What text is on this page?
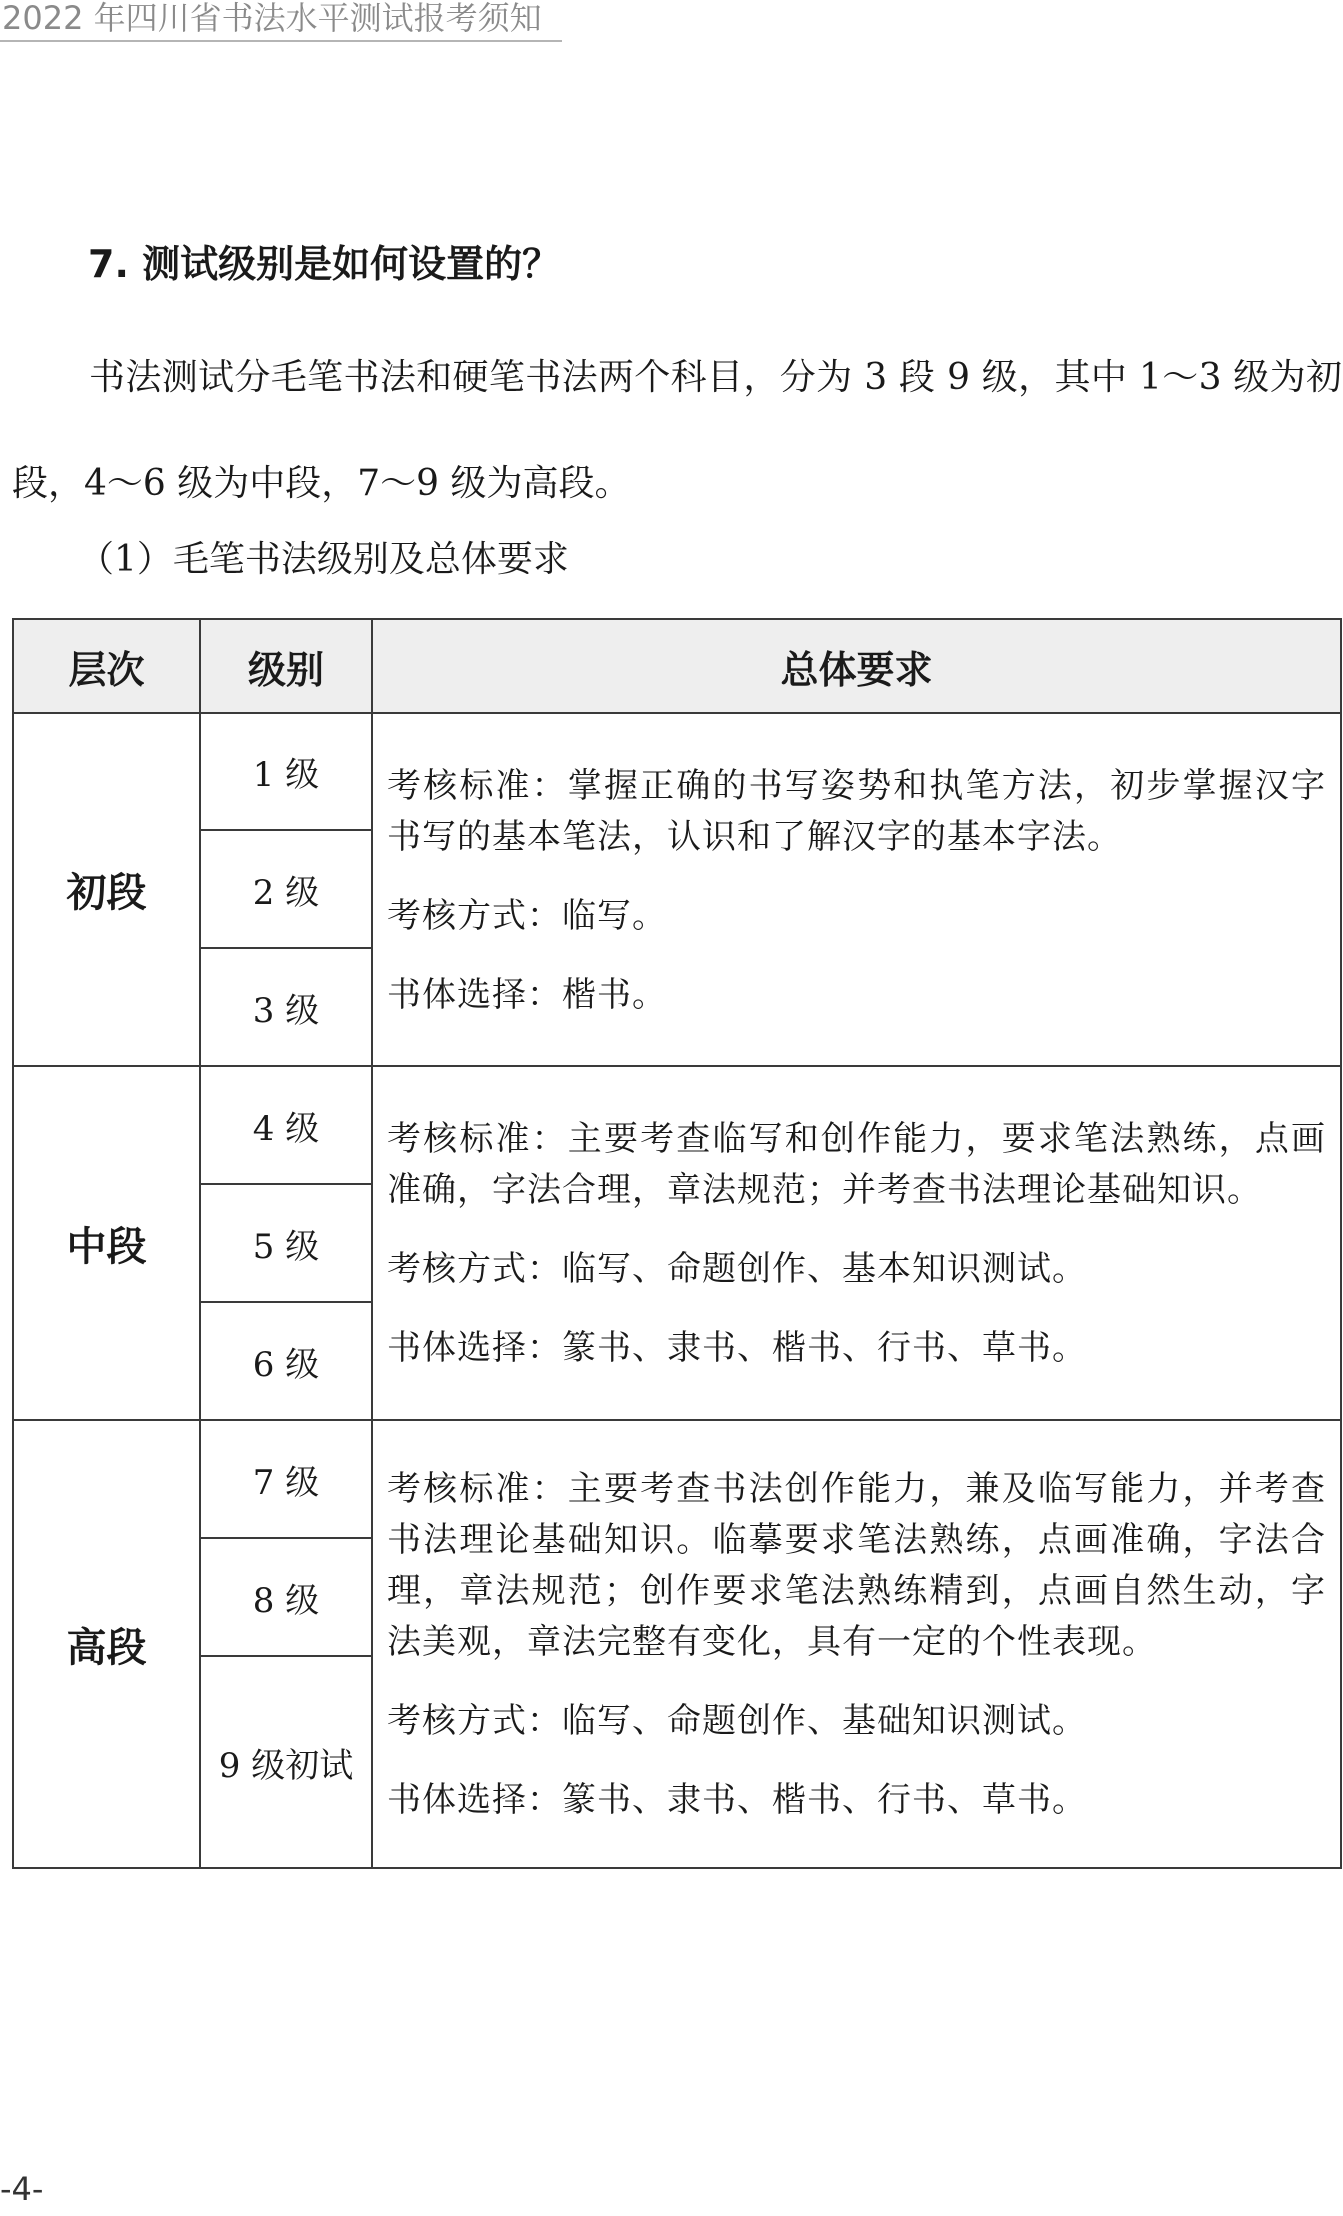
2022 年四川省书法水平测试报考须知
7. 测试级别是如何设置的？
书法测试分毛笔书法和硬笔书法两个科目，分为 3 段 9 级，其中 1～3 级为初段，4～6 级为中段，7～9 级为高段。
（1）毛笔书法级别及总体要求
层次	级别	总体要求
初段	1 级	考核标准：掌握正确的书写姿势和执笔方法，初步掌握汉字书写的基本笔法，认识和了解汉字的基本字法。

考核方式：临写。

书体选择：楷书。

	2 级	
	3 级	
中段	4 级	考核标准：主要考查临写和创作能力，要求笔法熟练，点画准确，字法合理，章法规范；并考查书法理论基础知识。

考核方式：临写、命题创作、基本知识测试。

书体选择：篆书、隶书、楷书、行书、草书。

	5 级	
	6 级	
高段	7 级	考核标准：主要考查书法创作能力，兼及临写能力，并考查书法理论基础知识。临摹要求笔法熟练，点画准确，字法合理，章法规范；创作要求笔法熟练精到，点画自然生动，字法美观，章法完整有变化，具有一定的个性表现。

考核方式：临写、命题创作、基础知识测试。

书体选择：篆书、隶书、楷书、行书、草书。

	8 级	
	9 级初试	
-4-
